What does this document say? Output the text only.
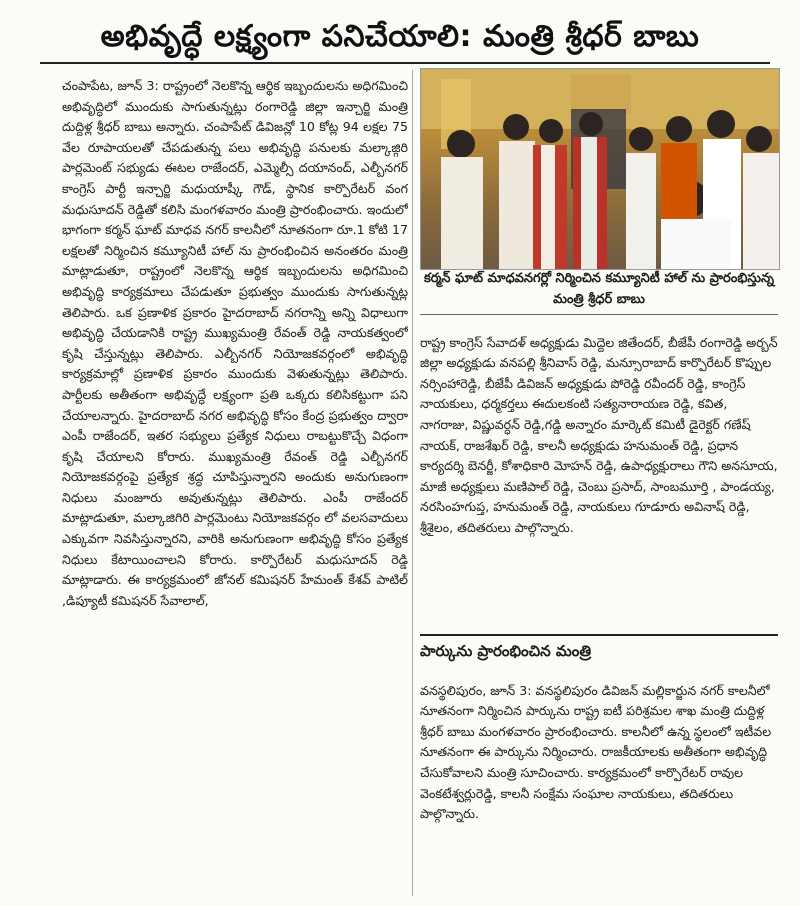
అభివృద్ధే లక్ష్యంగా పనిచేయాలి: మంత్రి శ్రీధర్ బాబు

చంపాపేట, జూన్ 3: రాష్ట్రంలో నెలకొన్న ఆర్థిక ఇబ్బందులను అధిగమించి అభివృద్ధిలో ముందుకు సాగుతున్నట్లు రంగారెడ్డి జిల్లా ఇన్చార్జి మంత్రి దుద్దిళ్ల శ్రీధర్ బాబు అన్నారు. చంపాపేట్ డివిజన్లో 10 కోట్ల 94 లక్షల 75 వేల రూపాయలతో చేపడుతున్న పలు అభివృద్ధి పనులకు మల్కాజ్గిరి పార్లమెంట్ సభ్యుడు ఈటల రాజేందర్, ఎమ్మెల్సీ దయానంద్, ఎల్బీనగర్ కాంగ్రెస్ పార్టీ ఇన్చార్జి మధుయాష్కీ గౌడ్, స్థానిక కార్పొరేటర్ వంగ మధుసూదన్ రెడ్డితో కలిసి మంగళవారం మంత్రి ప్రారంభించారు. ఇందులో భాగంగా కర్మన్ ఘాట్ మాధవ నగర్ కాలనీలో నూతనంగా రూ.1 కోటి 17 లక్షలతో నిర్మించిన కమ్యూనిటీ హాల్ ను ప్రారంభించిన అనంతరం మంత్రి మాట్లాడుతూ, రాష్ట్రంలో నెలకొన్న ఆర్థిక ఇబ్బందులను అధిగమించి అభివృద్ధి కార్యక్రమాలు చేపడుతూ ప్రభుత్వం ముందుకు సాగుతున్నట్ల తెలిపారు. ఒక ప్రణాళిక ప్రకారం హైదరాబాద్ నగరాన్ని అన్ని విధాలుగా అభివృద్ధి చేయడానికి రాష్ట్ర ముఖ్యమంత్రి రేవంత్ రెడ్డి నాయకత్వంలో కృషి చేస్తున్నట్లు తెలిపారు. ఎల్బీనగర్ నియోజకవర్గంలో అభివృద్ధి కార్యక్రమాల్లో ప్రణాళిక ప్రకారం ముందుకు వెళుతున్నట్లు తెలిపారు. పార్టీలకు అతీతంగా అభివృద్ధే లక్ష్యంగా ప్రతి ఒక్కరు కలిసికట్టుగా పని చేయాలన్నారు. హైదరాబాద్ నగర అభివృద్ధి కోసం కేంద్ర ప్రభుత్వం ద్వారా ఎంపీ రాజేందర్, ఇతర సభ్యులు ప్రత్యేక నిధులు రాబట్టుకొచ్చే విధంగా కృషి చేయాలని కోరారు. ముఖ్యమంత్రి రేవంత్ రెడ్డి ఎల్బీనగర్ నియోజకవర్గంపై ప్రత్యేక శ్రద్ధ చూపిస్తున్నారని అందుకు అనుగుణంగా నిధులు మంజూరు అవుతున్నట్లు తెలిపారు. ఎంపీ రాజేందర్ మాట్లాడుతూ, మల్కాజిగిరి పార్లమెంటు నియోజకవర్గం లో వలసవాదులు ఎక్కువగా నివసిస్తున్నారని, వారికి అనుగుణంగా అభివృద్ధి కోసం ప్రత్యేక నిధులు కేటాయించాలని కోరారు. కార్పొరేటర్ మధుసూదన్ రెడ్డి మాట్లాడారు. ఈ కార్యక్రమంలో జోనల్ కమిషనర్ హేమంత్ కేశవ్ పాటిల్ ,డిప్యూటీ కమిషనర్ సేవాలాల్,

కర్మన్ ఘాట్ మాధవనగర్లో నిర్మించిన కమ్యూనిటీ హాల్ ను ప్రారంభిస్తున్న మంత్రి శ్రీధర్ బాబు

రాష్ట్ర కాంగ్రెస్ సేవాదళ్ అధ్యక్షుడు మిద్దెల జితేందర్, బీజేపీ రంగారెడ్డి అర్బన్ జిల్లా అధ్యక్షుడు వనపల్లి శ్రీనివాస్ రెడ్డి, మన్సూరాబాద్ కార్పొరేటర్ కొప్పుల నర్సింహారెడ్డి, బీజేపీ డివిజన్ అధ్యక్షుడు పోరెడ్డి రవీందర్ రెడ్డి, కాంగ్రెస్ నాయకులు, ధర్మకర్తలు ఈదులకంటి సత్యనారాయణ రెడ్డి, కవిత, నాగరాజు, విష్ణువర్ధన్ రెడ్డి,గడ్డి అన్నారం మార్కెట్ కమిటీ డైరెక్టర్ గణేష్ నాయక్, రాజశేఖర్ రెడ్డి, కాలనీ అధ్యక్షుడు హనుమంత్ రెడ్డి, ప్రధాన కార్యదర్శి బెనర్జీ, కోశాధికారి మోహన్ రెడ్డి, ఉపాధ్యక్షురాలు గౌని అనసూయ, మాజీ అధ్యక్షులు మణిపాల్ రెడ్డి, చెంబు ప్రసాద్, సాంబమూర్తి , పాండయ్య, నరసింహగుప్త, హనుమంత్ రెడ్డి, నాయకులు గూడూరు అవినాష్ రెడ్డి, శ్రీశైలం, తదితరులు పాల్గొన్నారు.

పార్కును ప్రారంభించిన మంత్రి

వనస్థలిపురం, జూన్ 3: వనస్థలిపురం డివిజన్ మల్లికార్జున నగర్ కాలనీలో నూతనంగా నిర్మించిన పార్కును రాష్ట్ర ఐటీ పరిశ్రమల శాఖ మంత్రి దుద్దిళ్ల శ్రీధర్ బాబు మంగళవారం ప్రారంభించారు. కాలనీలో ఉన్న స్థలంలో ఇటీవల నూతనంగా ఈ పార్కును నిర్మించారు. రాజకీయాలకు అతీతంగా అభివృద్ధి చేసుకోవాలని మంత్రి సూచించారు. కార్యక్రమంలో కార్పొరేటర్ రావుల వెంకటేశ్వర్లురెడ్డి, కాలనీ సంక్షేమ సంఘాల నాయకులు, తదితరులు పాల్గొన్నారు.
